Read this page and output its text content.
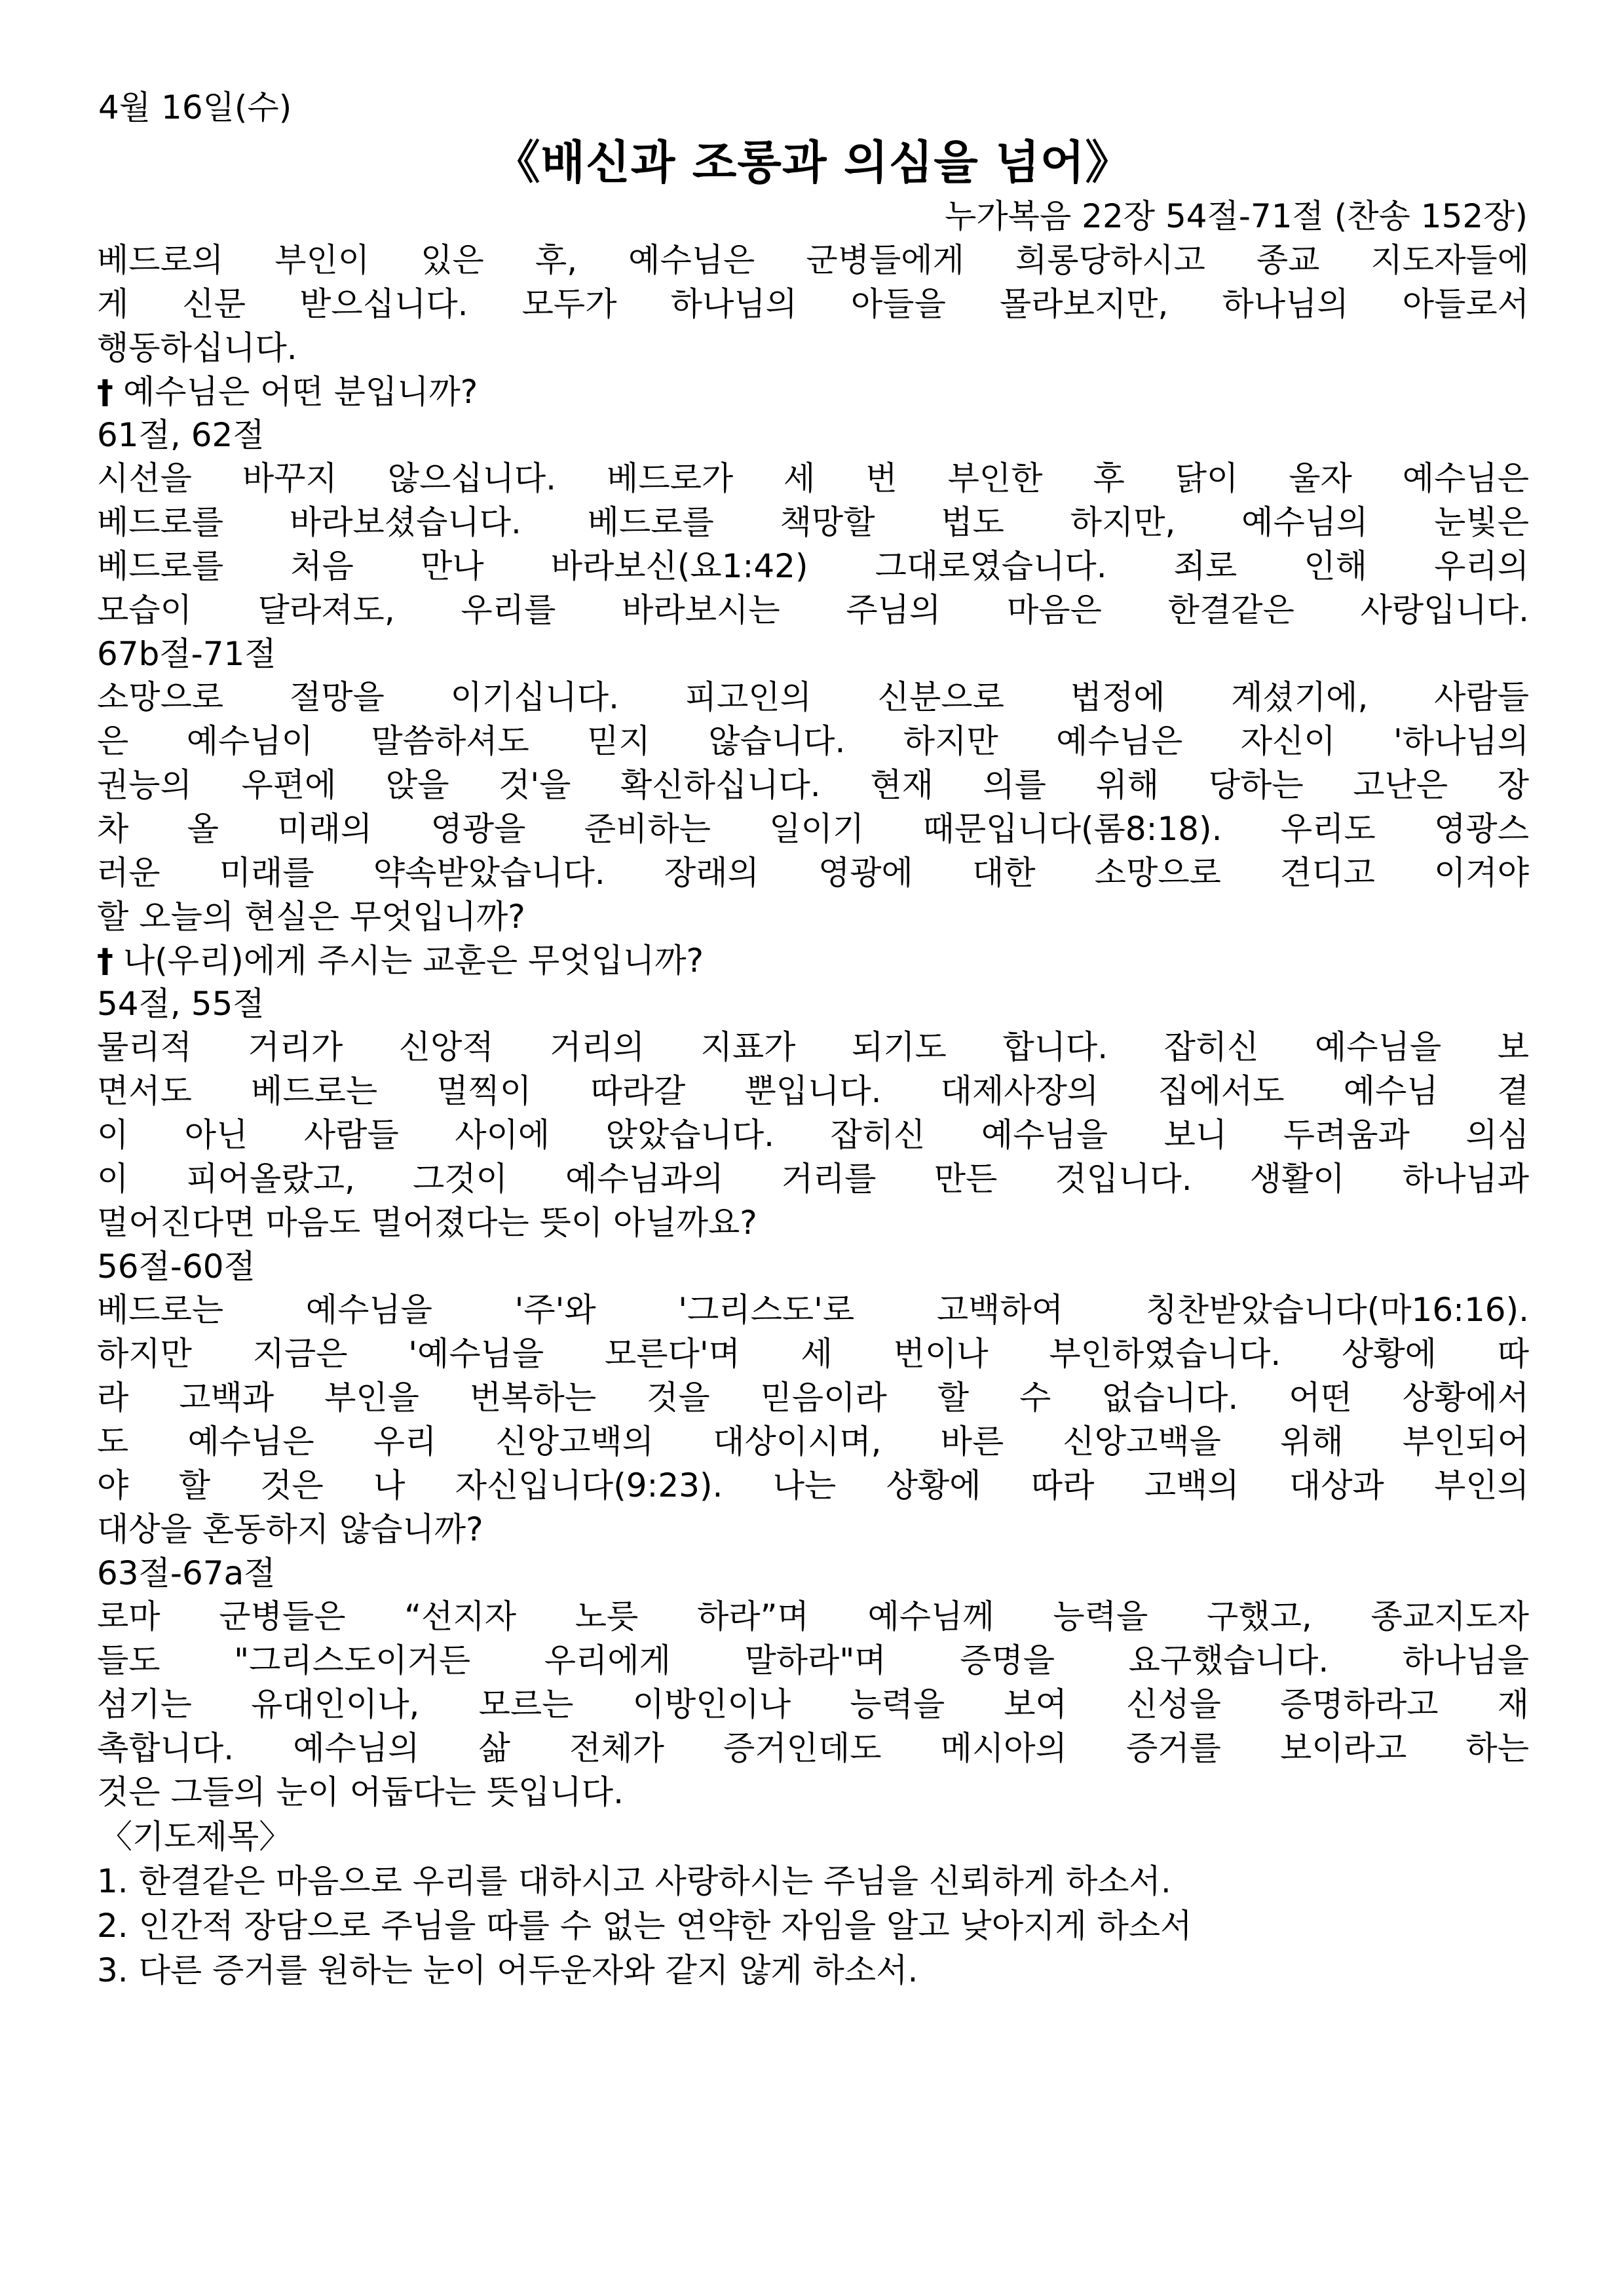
4월 16일(수)
《배신과 조롱과 의심을 넘어》
누가복음 22장 54절-71절 (찬송 152장)
베드로의 부인이 있은 후, 예수님은 군병들에게 희롱당하시고 종교 지도자들에
게 신문 받으십니다. 모두가 하나님의 아들을 몰라보지만, 하나님의 아들로서
행동하십니다.
† 예수님은 어떤 분입니까?
61절, 62절
시선을 바꾸지 않으십니다. 베드로가 세 번 부인한 후 닭이 울자 예수님은
베드로를 바라보셨습니다. 베드로를 책망할 법도 하지만, 예수님의 눈빛은
베드로를 처음 만나 바라보신(요1:42) 그대로였습니다. 죄로 인해 우리의
모습이 달라져도, 우리를 바라보시는 주님의 마음은 한결같은 사랑입니다.
67b절-71절
소망으로 절망을 이기십니다. 피고인의 신분으로 법정에 계셨기에, 사람들
은 예수님이 말씀하셔도 믿지 않습니다. 하지만 예수님은 자신이 '하나님의
권능의 우편에 앉을 것'을 확신하십니다. 현재 의를 위해 당하는 고난은 장
차 올 미래의 영광을 준비하는 일이기 때문입니다(롬8:18). 우리도 영광스
러운 미래를 약속받았습니다. 장래의 영광에 대한 소망으로 견디고 이겨야
할 오늘의 현실은 무엇입니까?
† 나(우리)에게 주시는 교훈은 무엇입니까?
54절, 55절
물리적 거리가 신앙적 거리의 지표가 되기도 합니다. 잡히신 예수님을 보
면서도 베드로는 멀찍이 따라갈 뿐입니다. 대제사장의 집에서도 예수님 곁
이 아닌 사람들 사이에 앉았습니다. 잡히신 예수님을 보니 두려움과 의심
이 피어올랐고, 그것이 예수님과의 거리를 만든 것입니다. 생활이 하나님과
멀어진다면 마음도 멀어졌다는 뜻이 아닐까요?
56절-60절
베드로는 예수님을 '주'와 '그리스도'로 고백하여 칭찬받았습니다(마16:16).
하지만 지금은 '예수님을 모른다'며 세 번이나 부인하였습니다. 상황에 따
라 고백과 부인을 번복하는 것을 믿음이라 할 수 없습니다. 어떤 상황에서
도 예수님은 우리 신앙고백의 대상이시며, 바른 신앙고백을 위해 부인되어
야 할 것은 나 자신입니다(9:23). 나는 상황에 따라 고백의 대상과 부인의
대상을 혼동하지 않습니까?
63절-67a절
로마 군병들은 “선지자 노릇 하라”며 예수님께 능력을 구했고, 종교지도자
들도 "그리스도이거든 우리에게 말하라"며 증명을 요구했습니다. 하나님을
섬기는 유대인이나, 모르는 이방인이나 능력을 보여 신성을 증명하라고 재
촉합니다. 예수님의 삶 전체가 증거인데도 메시아의 증거를 보이라고 하는
것은 그들의 눈이 어둡다는 뜻입니다.
〈기도제목〉
1. 한결같은 마음으로 우리를 대하시고 사랑하시는 주님을 신뢰하게 하소서.
2. 인간적 장담으로 주님을 따를 수 없는 연약한 자임을 알고 낮아지게 하소서
3. 다른 증거를 원하는 눈이 어두운자와 같지 않게 하소서.
